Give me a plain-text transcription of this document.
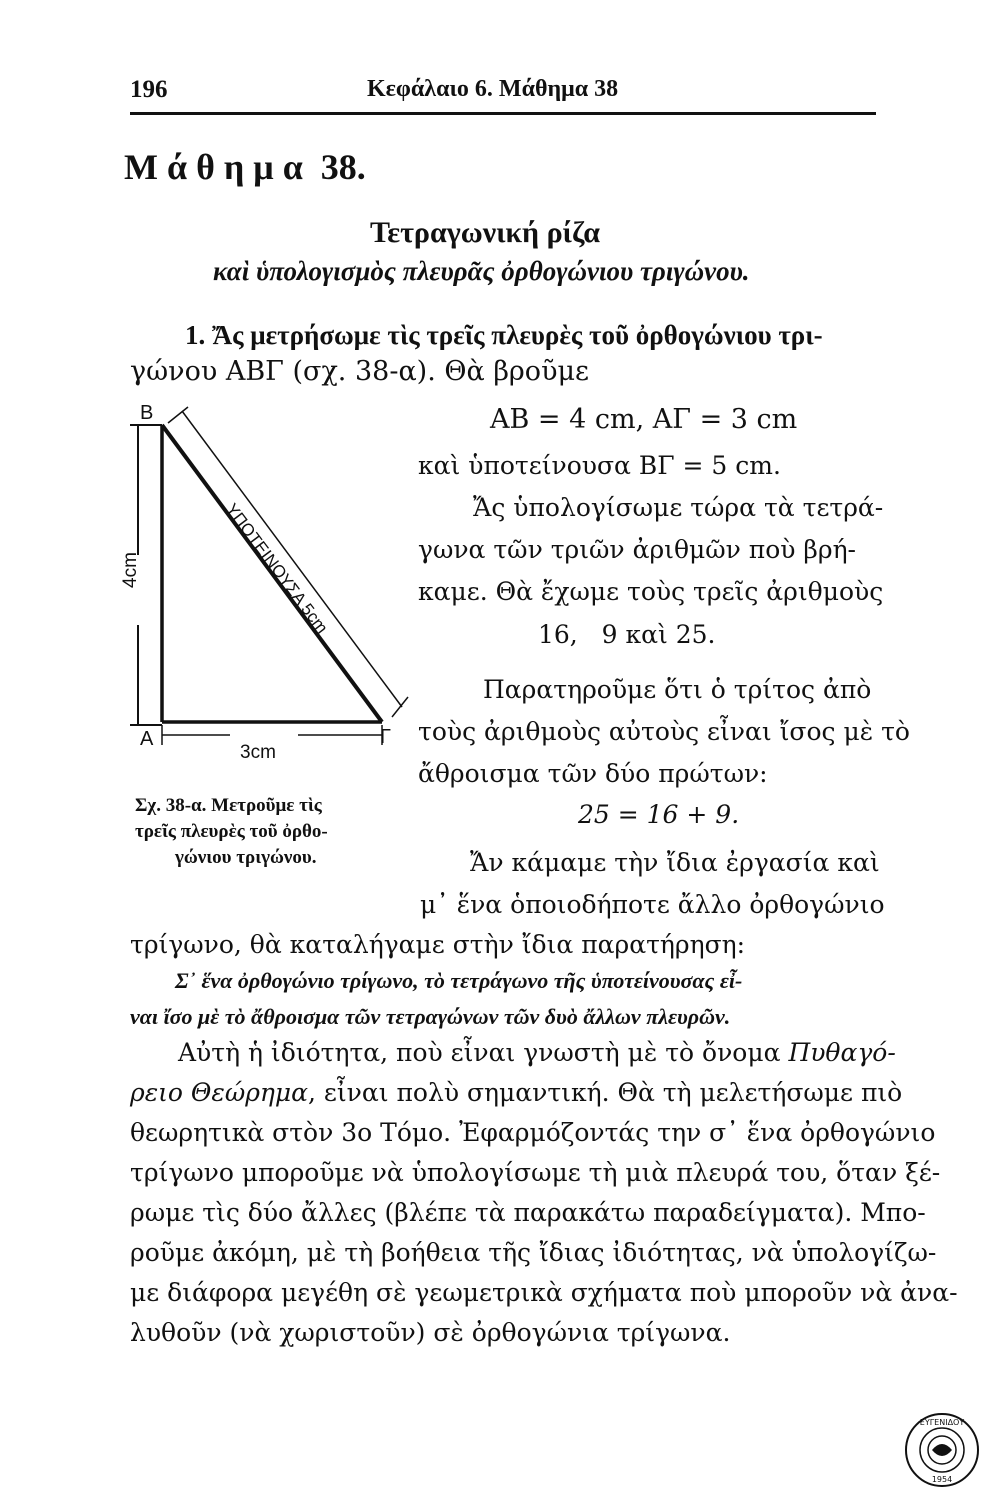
196	Κεφάλαιο 6. Μάθημα 38
Μ ά θ η μ α  38.
Τετραγωνική ρίζα
καὶ ὑπολογισμὸς πλευρᾶς ὀρθογώνιου τριγώνου.
1. Ἄς μετρήσωμε τὶς τρεῖς πλευρὲς τοῦ ὀρθογώνιου τρι-
γώνου ΑΒΓ (σχ. 38-α). Θὰ βροῦμε
B
A	Γ
4cm
3cm
ΥΠΟΤΕΙΝΟΥΣΑ 5cm
Σχ. 38-α. Μετροῦμε τὶς
τρεῖς πλευρὲς τοῦ ὀρθο-
γώνιου τριγώνου.
AB = 4 cm, ΑΓ = 3 cm
καὶ ὑποτείνουσα ΒΓ = 5 cm.
Ἄς ὑπολογίσωμε τώρα τὰ τετρά-
γωνα τῶν τριῶν ἀριθμῶν ποὺ βρή-
καμε. Θὰ ἔχωμε τοὺς τρεῖς ἀριθμοὺς
16,   9 καὶ 25.
Παρατηροῦμε ὅτι ὁ τρίτος ἀπὸ
τοὺς ἀριθμοὺς αὐτοὺς εἶναι ἴσος μὲ τὸ
ἄθροισμα τῶν δύο πρώτων:
25 = 16 + 9.
Ἄν κάμαμε τὴν ἴδια ἐργασία καὶ
μ᾽ ἕνα ὁποιοδήποτε ἄλλο ὀρθογώνιο
τρίγωνο, θὰ καταλήγαμε στὴν ἴδια παρατήρηση:
Σ᾽ ἕνα ὀρθογώνιο τρίγωνο, τὸ τετράγωνο τῆς ὑποτείνουσας εἶ-
ναι ἴσο μὲ τὸ ἄθροισμα τῶν τετραγώνων τῶν δυὸ ἄλλων πλευρῶν.
Αὐτὴ ἡ ἰδιότητα, ποὺ εἶναι γνωστὴ μὲ τὸ ὄνομα Πυθαγό-
ρειο Θεώρημα, εἶναι πολὺ σημαντική. Θὰ τὴ μελετήσωμε πιὸ
θεωρητικὰ στὸν 3ο Τόμο. Ἐφαρμόζοντάς την σ᾽ ἕνα ὀρθογώνιο
τρίγωνο μποροῦμε νὰ ὑπολογίσωμε τὴ μιὰ πλευρά του, ὅταν ξέ-
ρωμε τὶς δύο ἄλλες (βλέπε τὰ παρακάτω παραδείγματα). Μπο-
ροῦμε ἀκόμη, μὲ τὴ βοήθεια τῆς ἴδιας ἰδιότητας, νὰ ὑπολογίζω-
με διάφορα μεγέθη σὲ γεωμετρικὰ σχήματα ποὺ μποροῦν νὰ ἀνα-
λυθοῦν (νὰ χωριστοῦν) σὲ ὀρθογώνια τρίγωνα.
ΕΥΓΕΝΙΔΟΥ
1954
